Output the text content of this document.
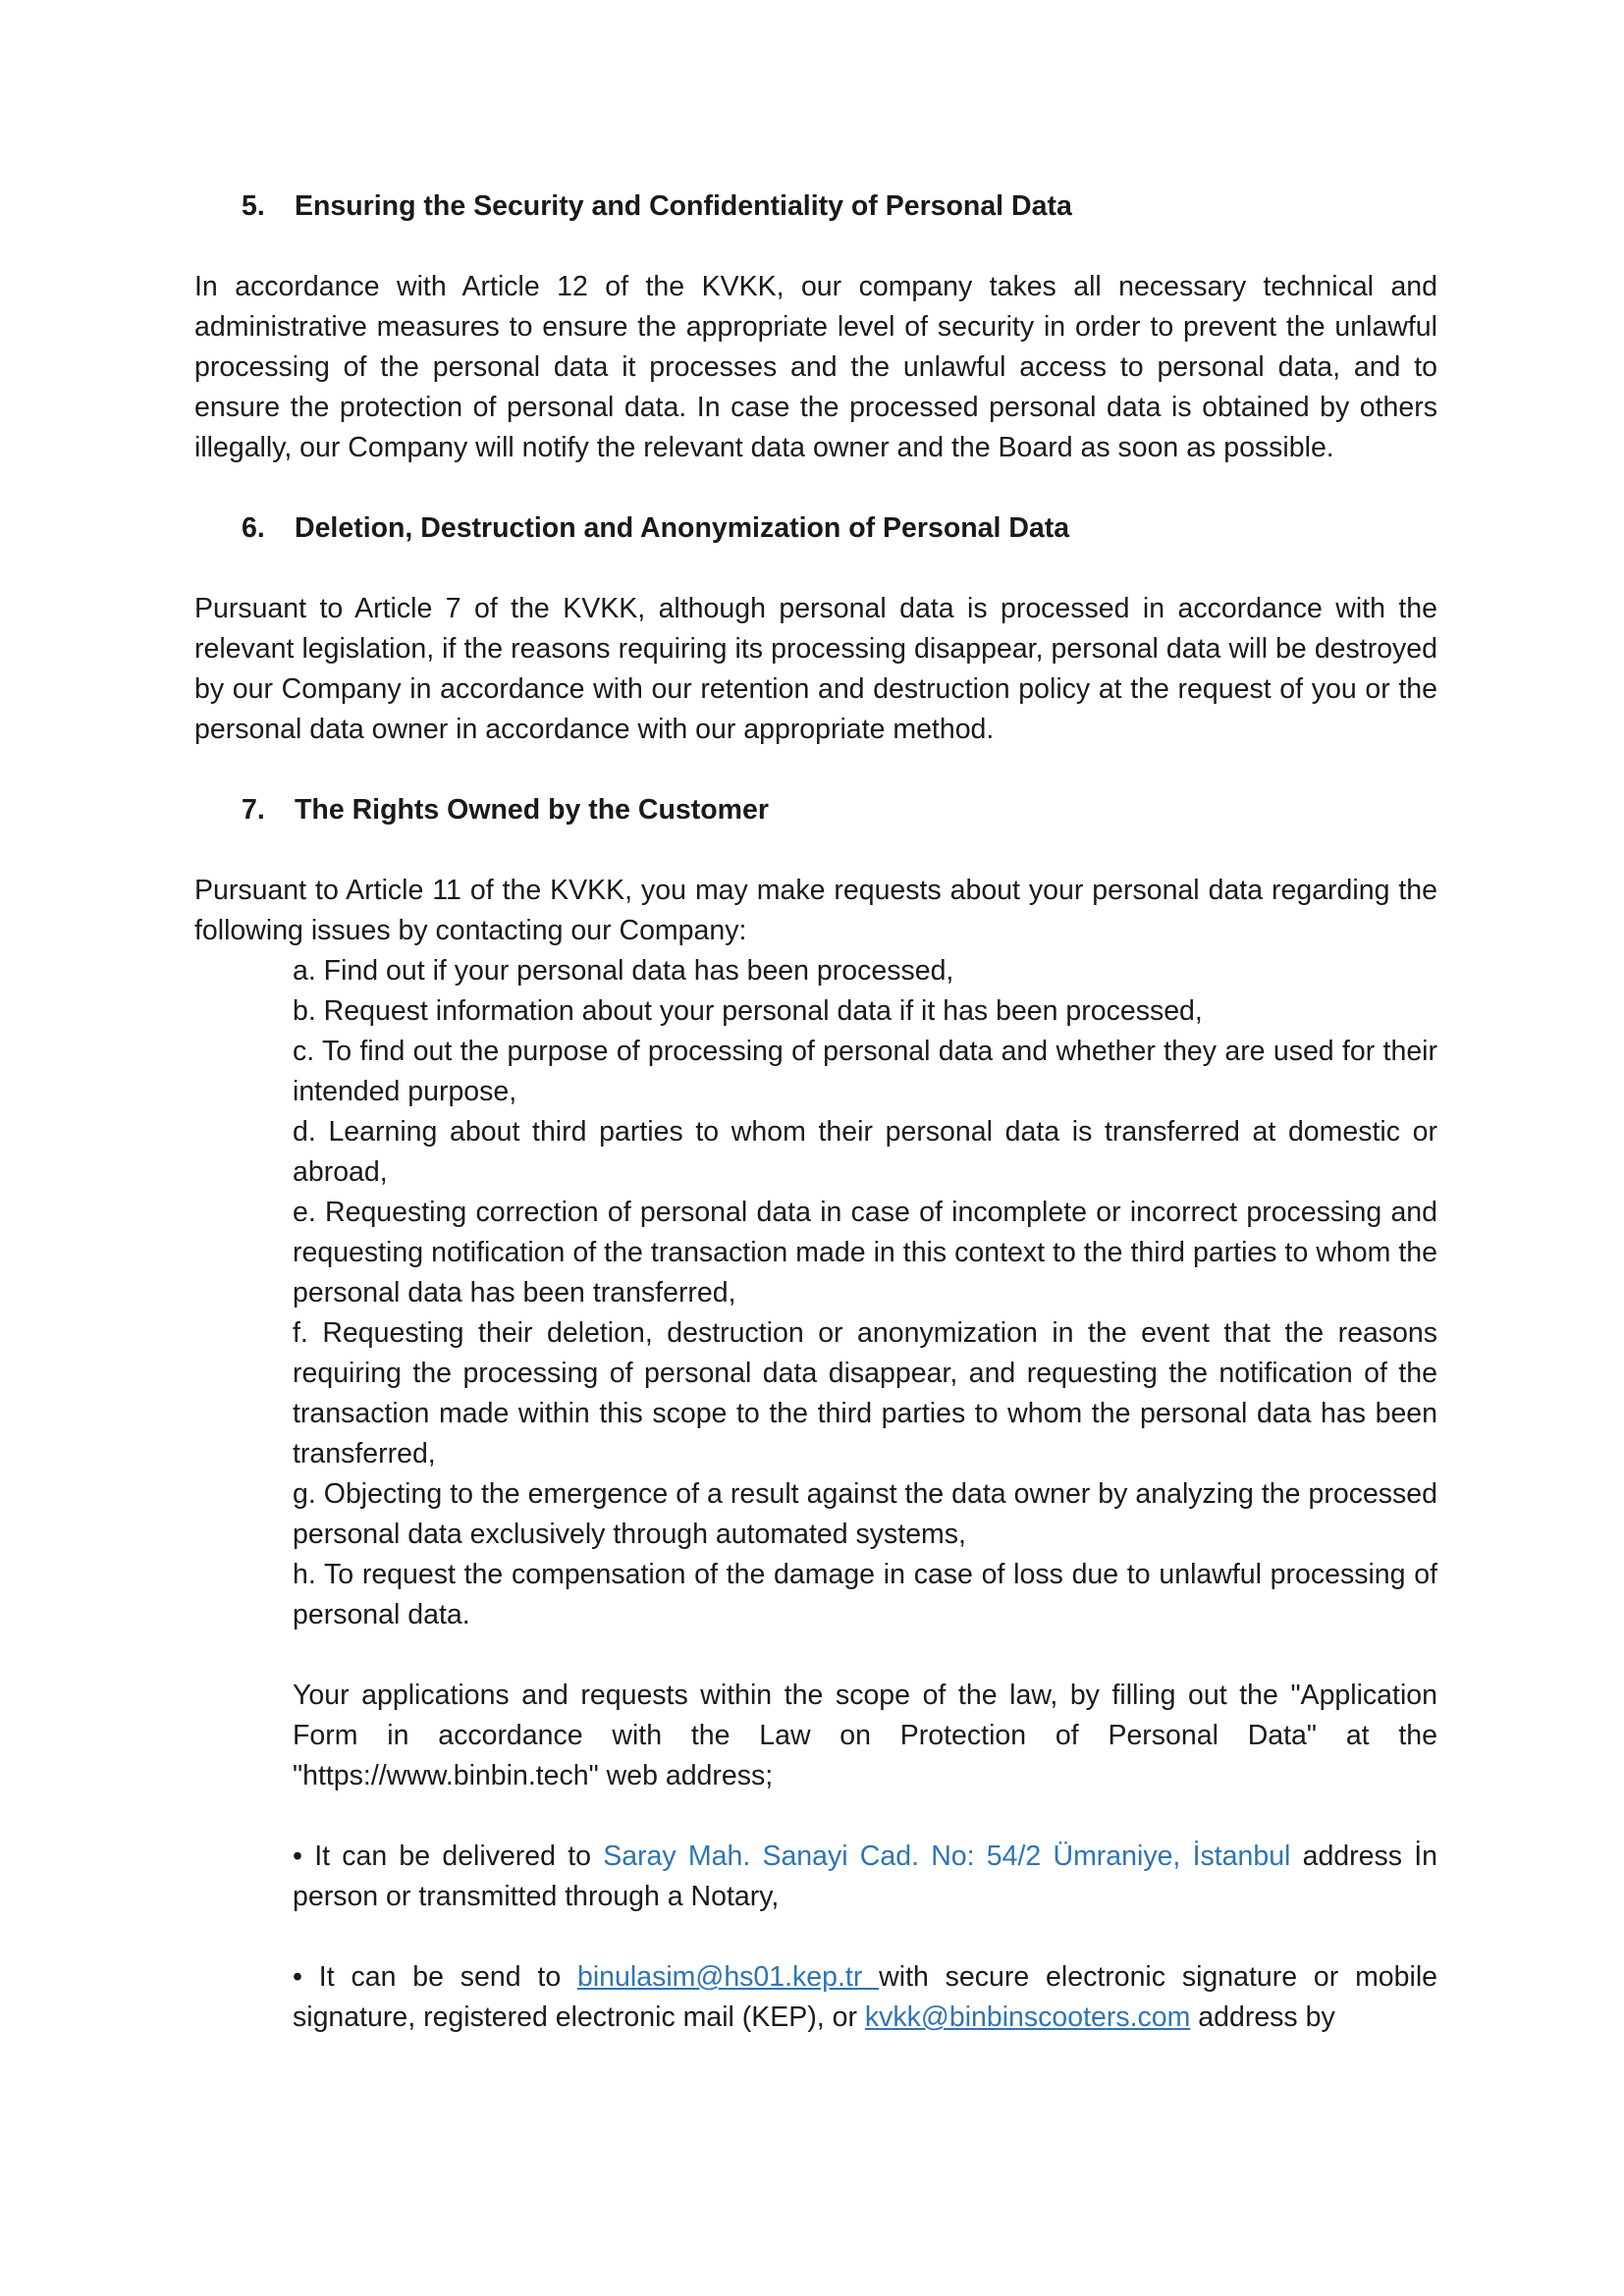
5.	Ensuring the Security and Confidentiality of Personal Data
In accordance with Article 12 of the KVKK, our company takes all necessary technical and administrative measures to ensure the appropriate level of security in order to prevent the unlawful processing of the personal data it processes and the unlawful access to personal data, and to ensure the protection of personal data. In case the processed personal data is obtained by others illegally, our Company will notify the relevant data owner and the Board as soon as possible.
6.	Deletion, Destruction and Anonymization of Personal Data
Pursuant to Article 7 of the KVKK, although personal data is processed in accordance with the relevant legislation, if the reasons requiring its processing disappear, personal data will be destroyed by our Company in accordance with our retention and destruction policy at the request of you or the personal data owner in accordance with our appropriate method.
7.	The Rights Owned by the Customer
Pursuant to Article 11 of the KVKK, you may make requests about your personal data regarding the following issues by contacting our Company:
a. Find out if your personal data has been processed,
b. Request information about your personal data if it has been processed,
c. To find out the purpose of processing of personal data and whether they are used for their intended purpose,
d. Learning about third parties to whom their personal data is transferred at domestic or abroad,
e. Requesting correction of personal data in case of incomplete or incorrect processing and requesting notification of the transaction made in this context to the third parties to whom the personal data has been transferred,
f. Requesting their deletion, destruction or anonymization in the event that the reasons requiring the processing of personal data disappear, and requesting the notification of the transaction made within this scope to the third parties to whom the personal data has been transferred,
g. Objecting to the emergence of a result against the data owner by analyzing the processed personal data exclusively through automated systems,
h. To request the compensation of the damage in case of loss due to unlawful processing of personal data.
Your applications and requests within the scope of the law, by filling out the "Application Form in accordance with the Law on Protection of Personal Data" at the "https://www.binbin.tech" web address;
• It can be delivered to Saray Mah. Sanayi Cad. No: 54/2 Ümraniye, İstanbul address İn person or transmitted through a Notary,
• It can be send to binulasim@hs01.kep.tr with secure electronic signature or mobile signature, registered electronic mail (KEP), or kvkk@binbinscooters.com address by
